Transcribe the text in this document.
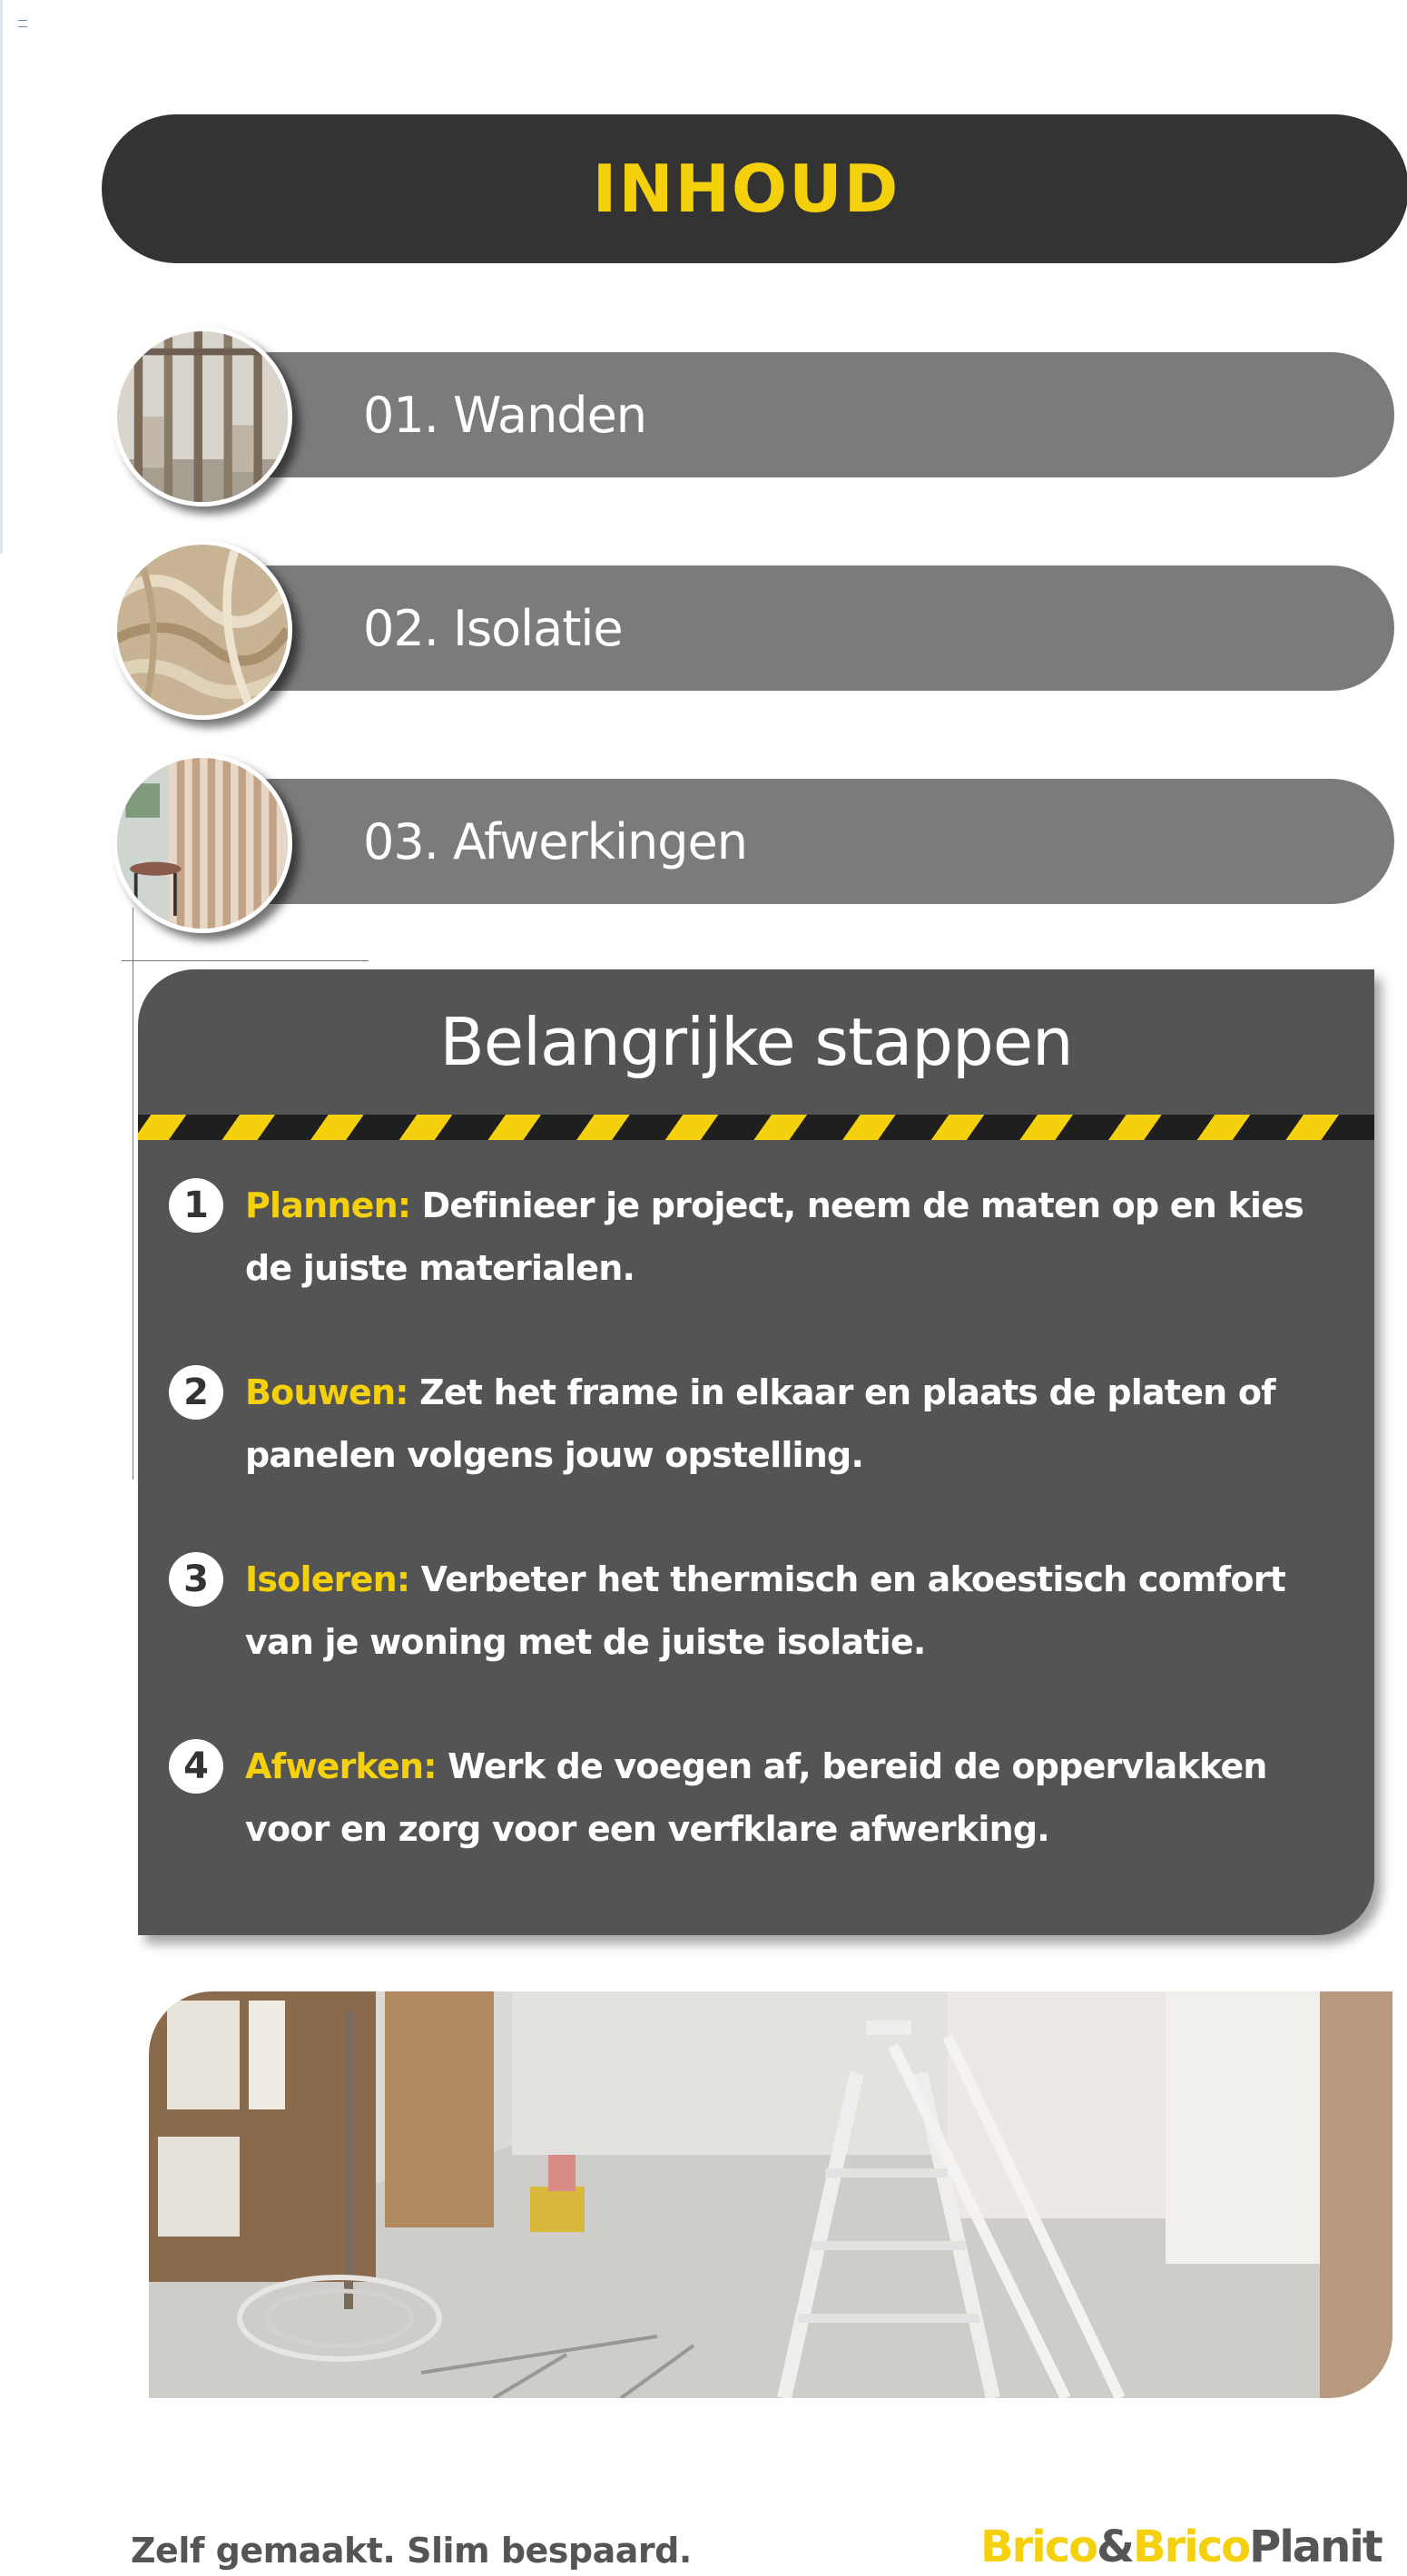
INHOUD
01. Wanden
02. Isolatie
03. Afwerkingen
Belangrijke stappen
1	Plannen: Definieer je project, neem de maten op en kies de juiste materialen.
2	Bouwen: Zet het frame in elkaar en plaats de platen of panelen volgens jouw opstelling.
3	Isoleren: Verbeter het thermisch en akoestisch comfort van je woning met de juiste isolatie.
4	Afwerken: Werk de voegen af, bereid de oppervlakken voor en zorg voor een verfklare afwerking.
Zelf gemaakt. Slim bespaard.	Brico&BricoPlanit
